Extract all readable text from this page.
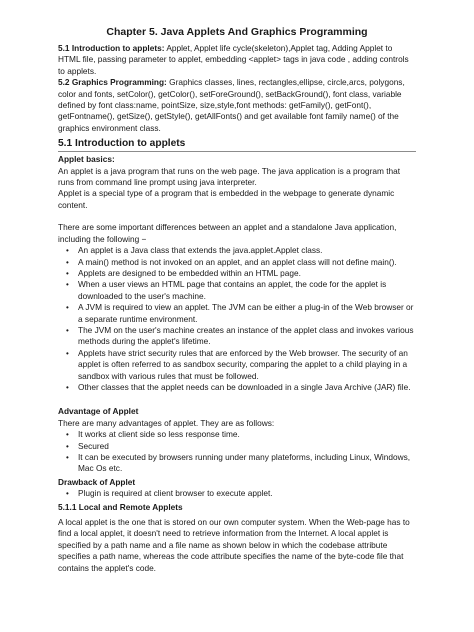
Chapter 5. Java Applets And Graphics Programming

5.1 Introduction to applets: Applet, Applet life cycle(skeleton),Applet tag, Adding Applet to HTML file, passing parameter to applet, embedding <applet> tags in java code , adding controls to applets.

5.2 Graphics Programming: Graphics classes, lines, rectangles,ellipse, circle,arcs, polygons, color and fonts, setColor(), getColor(), setForeGround(), setBackGround(), font class, variable defined by font class:name, pointSize, size,style,font methods: getFamily(), getFont(), getFontname(), getSize(), getStyle(), getAllFonts() and get available font family name() of the graphics environment class.

5.1 Introduction to applets
Applet basics:

An applet is a java program that runs on the web page. The java application is a program that runs from command line prompt using java interpreter.

Applet is a special type of a program that is embedded in the webpage to generate dynamic content.

There are some important differences between an applet and a standalone Java application, including the following −

• An applet is a Java class that extends the java.applet.Applet class.
• A main() method is not invoked on an applet, and an applet class will not define main().
• Applets are designed to be embedded within an HTML page.
• When a user views an HTML page that contains an applet, the code for the applet is downloaded to the user's machine.
• A JVM is required to view an applet. The JVM can be either a plug-in of the Web browser or a separate runtime environment.
• The JVM on the user's machine creates an instance of the applet class and invokes various methods during the applet's lifetime.
• Applets have strict security rules that are enforced by the Web browser. The security of an applet is often referred to as sandbox security, comparing the applet to a child playing in a sandbox with various rules that must be followed.
• Other classes that the applet needs can be downloaded in a single Java Archive (JAR) file.
Advantage of Applet

There are many advantages of applet. They are as follows:

• It works at client side so less response time.
• Secured
• It can be executed by browsers running under many plateforms, including Linux, Windows, Mac Os etc.
Drawback of Applet
• Plugin is required at client browser to execute applet.
5.1.1 Local and Remote Applets

A local applet is the one that is stored on our own computer system. When the Web-page has to find a local applet, it doesn't need to retrieve information from the Internet. A local applet is specified by a path name and a file name as shown below in which the codebase attribute specifies a path name, whereas the code attribute specifies the name of the byte-code file that contains the applet's code.
